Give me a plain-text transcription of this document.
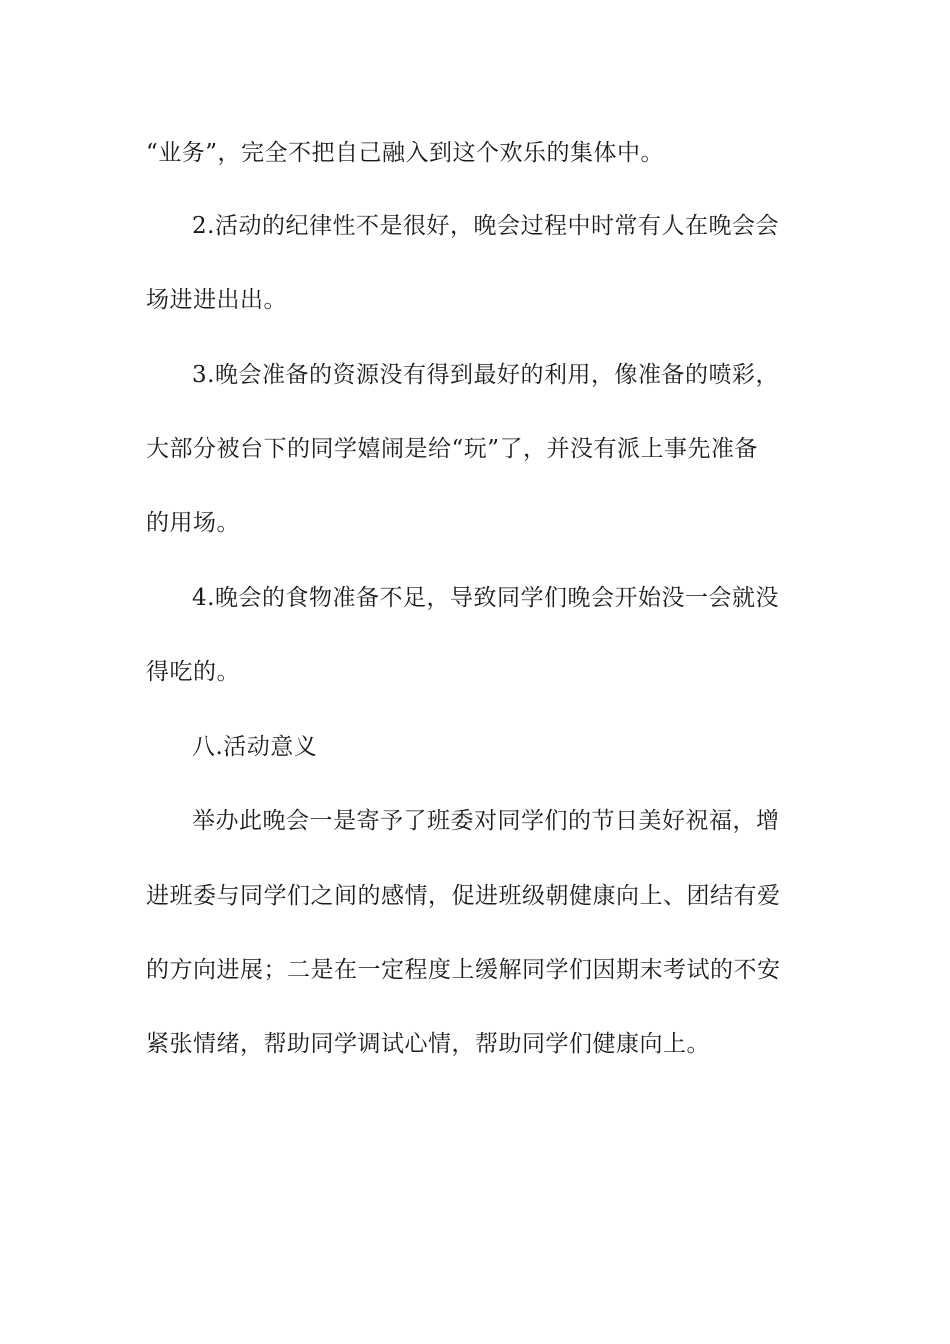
“业务”，完全不把自己融入到这个欢乐的集体中。
2.活动的纪律性不是很好，晚会过程中时常有人在晚会会
场进进出出。
3.晚会准备的资源没有得到最好的利用，像准备的喷彩，
大部分被台下的同学嬉闹是给“玩”了，并没有派上事先准备
的用场。
4.晚会的食物准备不足，导致同学们晚会开始没一会就没
得吃的。
八.活动意义
举办此晚会一是寄予了班委对同学们的节日美好祝福，增
进班委与同学们之间的感情，促进班级朝健康向上、团结有爱
的方向进展；二是在一定程度上缓解同学们因期末考试的不安
紧张情绪，帮助同学调试心情，帮助同学们健康向上。
